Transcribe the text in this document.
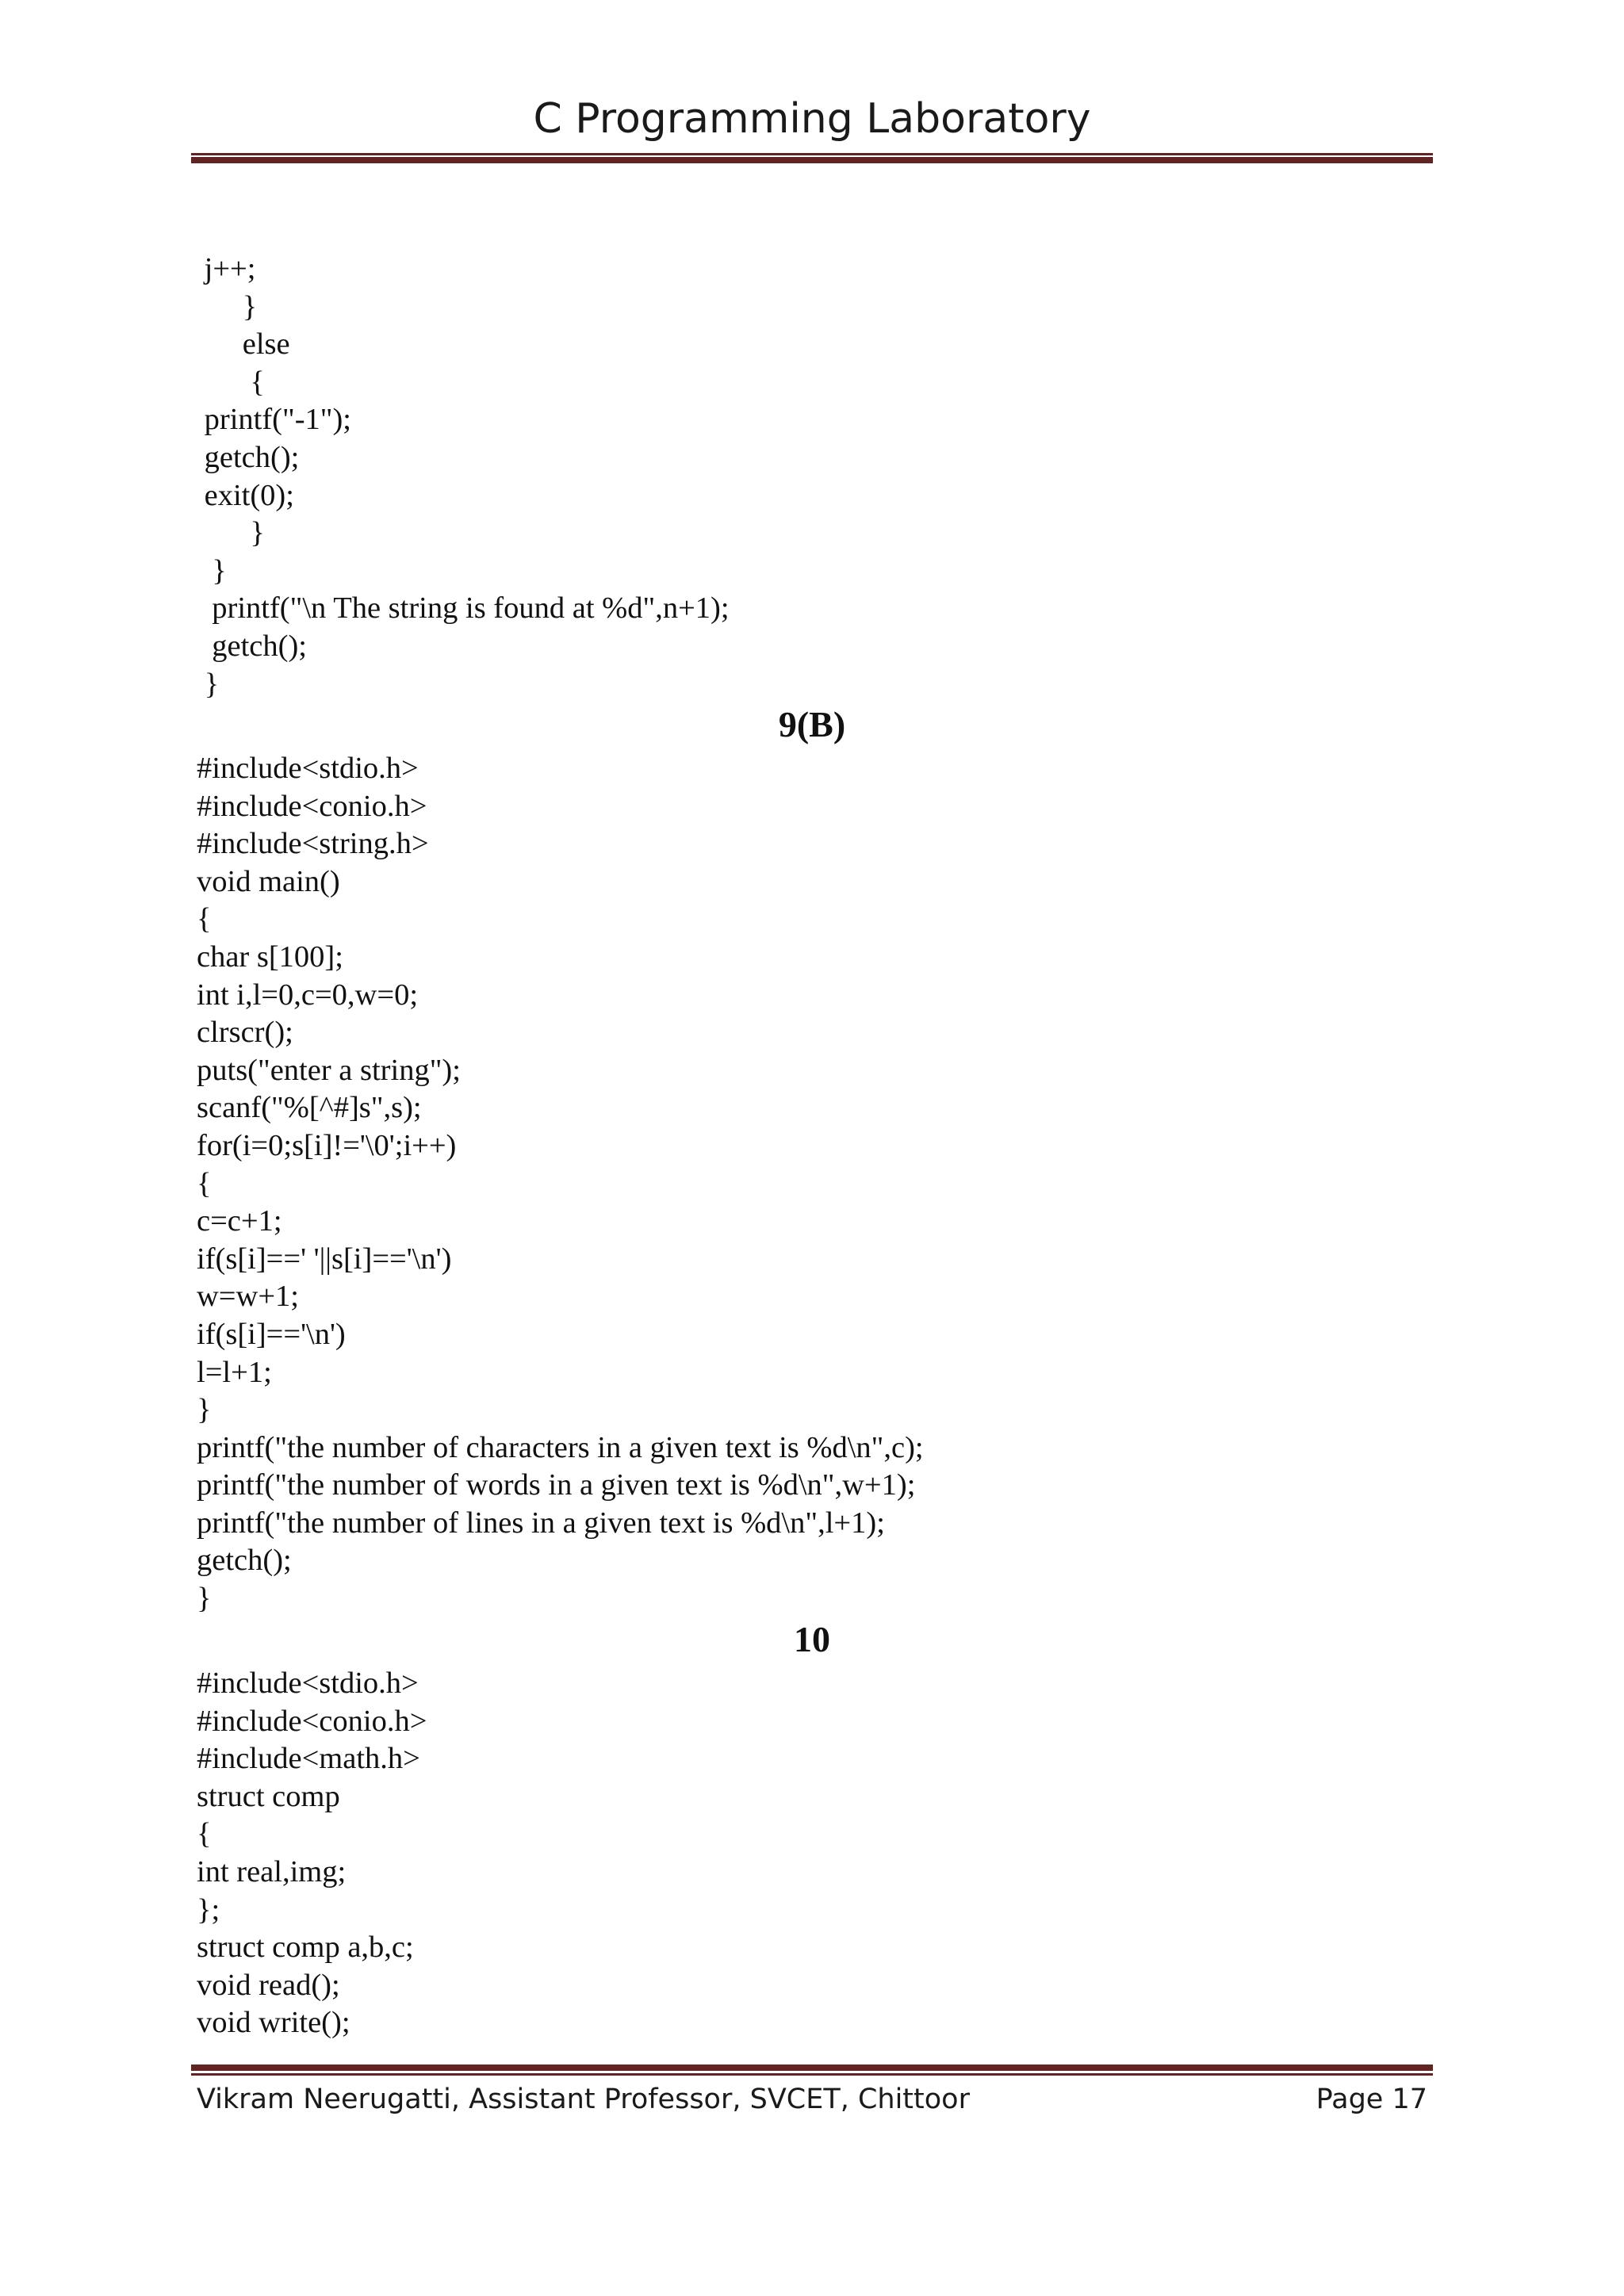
C Programming Laboratory
j++;
}
else
{
printf("-1");
getch();
exit(0);
}
}
printf("\n The string is found at %d",n+1);
getch();
}
9(B)
#include<stdio.h>
#include<conio.h>
#include<string.h>
void main()
{
char s[100];
int i,l=0,c=0,w=0;
clrscr();
puts("enter a string");
scanf("%[^#]s",s);
for(i=0;s[i]!='\0';i++)
{
c=c+1;
if(s[i]==' '||s[i]=='\n')
w=w+1;
if(s[i]=='\n')
l=l+1;
}
printf("the number of characters in a given text is %d\n",c);
printf("the number of words in a given text is %d\n",w+1);
printf("the number of lines in a given text is %d\n",l+1);
getch();
}
10
#include<stdio.h>
#include<conio.h>
#include<math.h>
struct comp
{
int real,img;
};
struct comp a,b,c;
void read();
void write();
Vikram Neerugatti, Assistant Professor, SVCET, Chittoor	Page 17
